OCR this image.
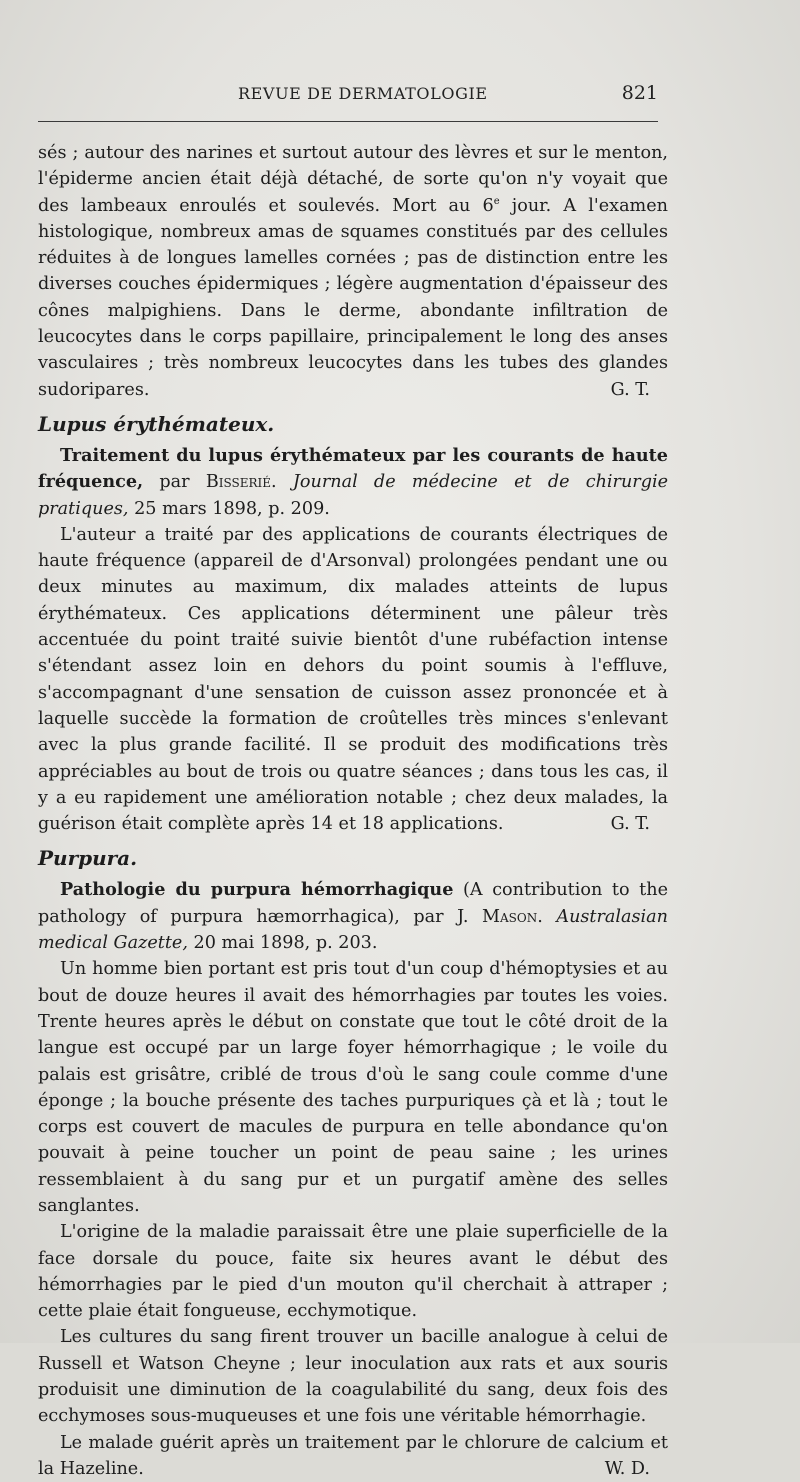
REVUE DE DERMATOLOGIE	821

sés ; autour des narines et surtout autour des lèvres et sur le menton, l'épiderme ancien était déjà détaché, de sorte qu'on n'y voyait que des lambeaux enroulés et soulevés. Mort au 6e jour. A l'examen histologique, nombreux amas de squames constitués par des cellules réduites à de longues lamelles cornées ; pas de distinction entre les diverses couches épidermiques ; légère augmentation d'épaisseur des cônes malpighiens. Dans le derme, abondante infiltration de leucocytes dans le corps papillaire, principalement le long des anses vasculaires ; très nombreux leucocytes dans les tubes des glandes sudoripares.	G. T.

Lupus érythémateux.

Traitement du lupus érythémateux par les courants de haute fréquence, par Bisserié. Journal de médecine et de chirurgie pratiques, 25 mars 1898, p. 209.

L'auteur a traité par des applications de courants électriques de haute fréquence (appareil de d'Arsonval) prolongées pendant une ou deux minutes au maximum, dix malades atteints de lupus érythémateux. Ces applications déterminent une pâleur très accentuée du point traité suivie bientôt d'une rubéfaction intense s'étendant assez loin en dehors du point soumis à l'effluve, s'accompagnant d'une sensation de cuisson assez prononcée et à laquelle succède la formation de croûtelles très minces s'enlevant avec la plus grande facilité. Il se produit des modifications très appréciables au bout de trois ou quatre séances ; dans tous les cas, il y a eu rapidement une amélioration notable ; chez deux malades, la guérison était complète après 14 et 18 applications.	G. T.

Purpura.

Pathologie du purpura hémorrhagique (A contribution to the pathology of purpura hæmorrhagica), par J. Mason. Australasian medical Gazette, 20 mai 1898, p. 203.

Un homme bien portant est pris tout d'un coup d'hémoptysies et au bout de douze heures il avait des hémorrhagies par toutes les voies. Trente heures après le début on constate que tout le côté droit de la langue est occupé par un large foyer hémorrhagique ; le voile du palais est grisâtre, criblé de trous d'où le sang coule comme d'une éponge ; la bouche présente des taches purpuriques çà et là ; tout le corps est couvert de macules de purpura en telle abondance qu'on pouvait à peine toucher un point de peau saine ; les urines ressemblaient à du sang pur et un purgatif amène des selles sanglantes.

L'origine de la maladie paraissait être une plaie superficielle de la face dorsale du pouce, faite six heures avant le début des hémorrhagies par le pied d'un mouton qu'il cherchait à attraper ; cette plaie était fongueuse, ecchymotique.

Les cultures du sang firent trouver un bacille analogue à celui de Russell et Watson Cheyne ; leur inoculation aux rats et aux souris produisit une diminution de la coagulabilité du sang, deux fois des ecchymoses sous-muqueuses et une fois une véritable hémorrhagie.

Le malade guérit après un traitement par le chlorure de calcium et la Hazeline.	W. D.
